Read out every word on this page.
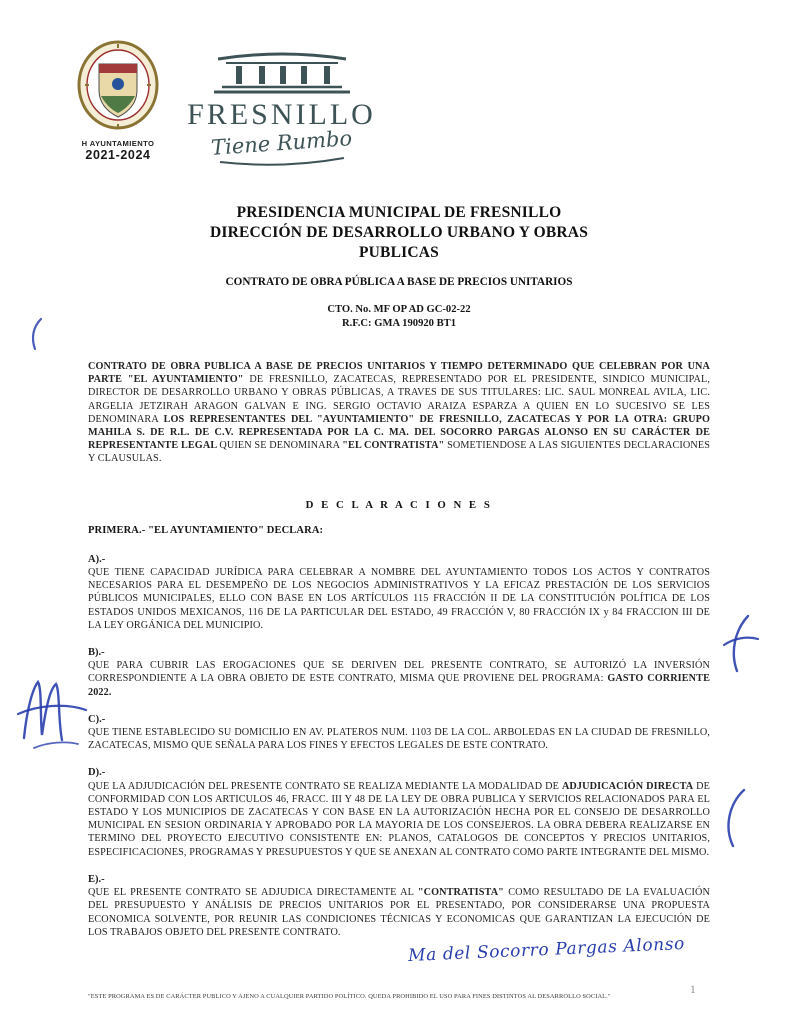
H AYUNTAMIENTO
2021-2024
FRESNILLO
Tiene Rumbo
PRESIDENCIA MUNICIPAL DE FRESNILLO
DIRECCIÓN DE DESARROLLO URBANO Y OBRAS
PUBLICAS
CONTRATO DE OBRA PÚBLICA A BASE DE PRECIOS UNITARIOS
CTO. No. MF OP AD GC-02-22
R.F.C: GMA 190920 BT1

CONTRATO DE OBRA PUBLICA A BASE DE PRECIOS UNITARIOS Y TIEMPO DETERMINADO QUE CELEBRAN POR UNA PARTE "EL AYUNTAMIENTO" DE FRESNILLO, ZACATECAS, REPRESENTADO POR EL PRESIDENTE, SINDICO MUNICIPAL, DIRECTOR DE DESARROLLO URBANO Y OBRAS PÚBLICAS, A TRAVES DE SUS TITULARES: LIC. SAUL MONREAL AVILA, LIC. ARGELIA JETZIRAH ARAGON GALVAN E ING. SERGIO OCTAVIO ARAIZA ESPARZA A QUIEN EN LO SUCESIVO SE LES DENOMINARA LOS REPRESENTANTES DEL "AYUNTAMIENTO" DE FRESNILLO, ZACATECAS Y POR LA OTRA: GRUPO MAHILA S. DE R.L. DE C.V. REPRESENTADA POR LA C. MA. DEL SOCORRO PARGAS ALONSO EN SU CARÁCTER DE REPRESENTANTE LEGAL QUIEN SE DENOMINARA "EL CONTRATISTA" SOMETIENDOSE A LAS SIGUIENTES DECLARACIONES Y CLAUSULAS.

D E C L A R A C I O N E S
PRIMERA.- "EL AYUNTAMIENTO" DECLARA:
A).-

QUE TIENE CAPACIDAD JURÍDICA PARA CELEBRAR A NOMBRE DEL AYUNTAMIENTO TODOS LOS ACTOS Y CONTRATOS NECESARIOS PARA EL DESEMPEÑO DE LOS NEGOCIOS ADMINISTRATIVOS Y LA EFICAZ PRESTACIÓN DE LOS SERVICIOS PÚBLICOS MUNICIPALES, ELLO CON BASE EN LOS ARTÍCULOS 115 FRACCIÓN II DE LA CONSTITUCIÓN POLÍTICA DE LOS ESTADOS UNIDOS MEXICANOS, 116 DE LA PARTICULAR DEL ESTADO, 49 FRACCIÓN V, 80 FRACCIÓN IX y 84 FRACCION III DE LA LEY ORGÁNICA DEL MUNICIPIO.

B).-

QUE PARA CUBRIR LAS EROGACIONES QUE SE DERIVEN DEL PRESENTE CONTRATO, SE AUTORIZÓ LA INVERSIÓN CORRESPONDIENTE A LA OBRA OBJETO DE ESTE CONTRATO, MISMA QUE PROVIENE DEL PROGRAMA: GASTO CORRIENTE 2022.

C).-

QUE TIENE ESTABLECIDO SU DOMICILIO EN AV. PLATEROS NUM. 1103 DE LA COL. ARBOLEDAS EN LA CIUDAD DE FRESNILLO, ZACATECAS, MISMO QUE SEÑALA PARA LOS FINES Y EFECTOS LEGALES DE ESTE CONTRATO.

D).-

QUE LA ADJUDICACIÓN DEL PRESENTE CONTRATO SE REALIZA MEDIANTE LA MODALIDAD DE ADJUDICACIÓN DIRECTA DE CONFORMIDAD CON LOS ARTICULOS 46, FRACC. III Y 48 DE LA LEY DE OBRA PUBLICA Y SERVICIOS RELACIONADOS PARA EL ESTADO Y LOS MUNICIPIOS DE ZACATECAS Y CON BASE EN LA AUTORIZACIÓN HECHA POR EL CONSEJO DE DESARROLLO MUNICIPAL EN SESION ORDINARIA Y APROBADO POR LA MAYORIA DE LOS CONSEJEROS. LA OBRA DEBERA REALIZARSE EN TERMINO DEL PROYECTO EJECUTIVO CONSISTENTE EN: PLANOS, CATALOGOS DE CONCEPTOS Y PRECIOS UNITARIOS, ESPECIFICACIONES, PROGRAMAS Y PRESUPUESTOS Y QUE SE ANEXAN AL CONTRATO COMO PARTE INTEGRANTE DEL MISMO.

E).-

QUE EL PRESENTE CONTRATO SE ADJUDICA DIRECTAMENTE AL "CONTRATISTA" COMO RESULTADO DE LA EVALUACIÓN DEL PRESUPUESTO Y ANÁLISIS DE PRECIOS UNITARIOS POR EL PRESENTADO, POR CONSIDERARSE UNA PROPUESTA ECONOMICA SOLVENTE, POR REUNIR LAS CONDICIONES TÉCNICAS Y ECONOMICAS QUE GARANTIZAN LA EJECUCIÓN DE LOS TRABAJOS OBJETO DEL PRESENTE CONTRATO.

Ma del Socorro Pargas Alonso
"ESTE PROGRAMA ES DE CARÁCTER PUBLICO Y AJENO A CUALQUIER PARTIDO POLÍTICO. QUEDA PROHIBIDO EL USO PARA FINES DISTINTOS AL DESARROLLO SOCIAL."
1
